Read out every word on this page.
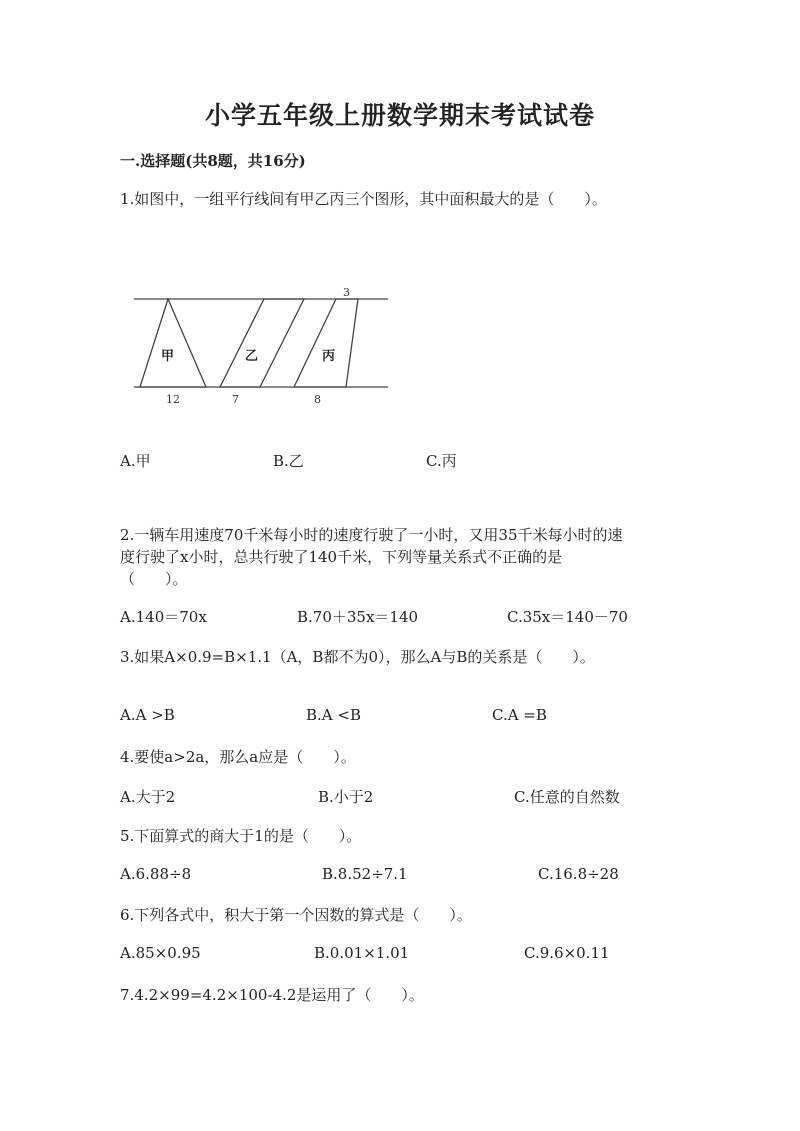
小学五年级上册数学期末考试试卷
一.选择题(共8题，共16分)
1.如图中，一组平行线间有甲乙丙三个图形，其中面积最大的是（　　）。
甲	乙	丙
3
12	7	8
A.甲	B.乙	C.丙
2.一辆车用速度70千米每小时的速度行驶了一小时，又用35千米每小时的速
度行驶了x小时，总共行驶了140千米，下列等量关系式不正确的是
（　　）。
A.140＝70x	B.70＋35x＝140	C.35x＝140－70
3.如果A×0.9=B×1.1（A，B都不为0），那么A与B的关系是（　　）。
A.A >B	B.A <B	C.A =B
4.要使a>2a，那么a应是（　　）。
A.大于2	B.小于2	C.任意的自然数
5.下面算式的商大于1的是（　　）。
A.6.88÷8	B.8.52÷7.1	C.16.8÷28
6.下列各式中，积大于第一个因数的算式是（　　）。
A.85×0.95	B.0.01×1.01	C.9.6×0.11
7.4.2×99=4.2×100-4.2是运用了（　　）。
